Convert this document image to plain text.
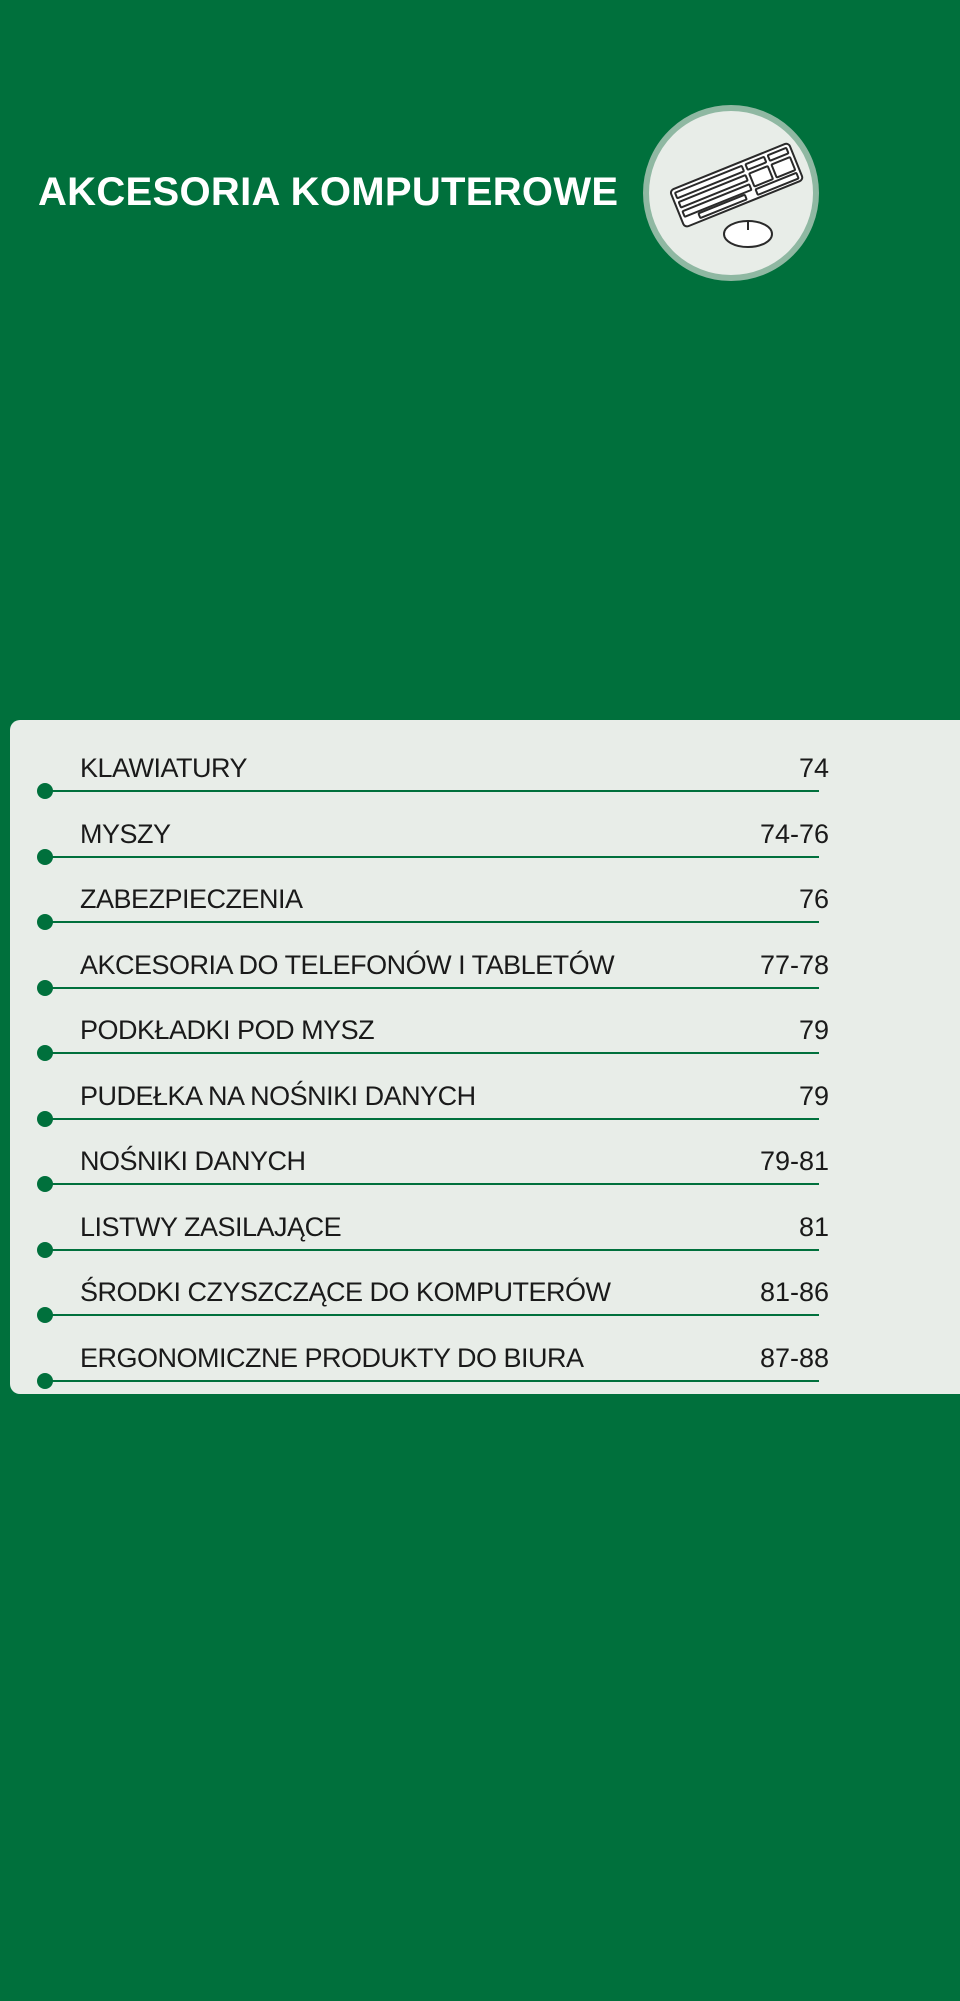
AKCESORIA KOMPUTEROWE
KLAWIATURY	74
MYSZY	74-76
ZABEZPIECZENIA	76
AKCESORIA DO TELEFONÓW I TABLETÓW	77-78
PODKŁADKI POD MYSZ	79
PUDEŁKA NA NOŚNIKI DANYCH	79
NOŚNIKI DANYCH	79-81
LISTWY ZASILAJĄCE	81
ŚRODKI CZYSZCZĄCE DO KOMPUTERÓW	81-86
ERGONOMICZNE PRODUKTY DO BIURA	87-88
